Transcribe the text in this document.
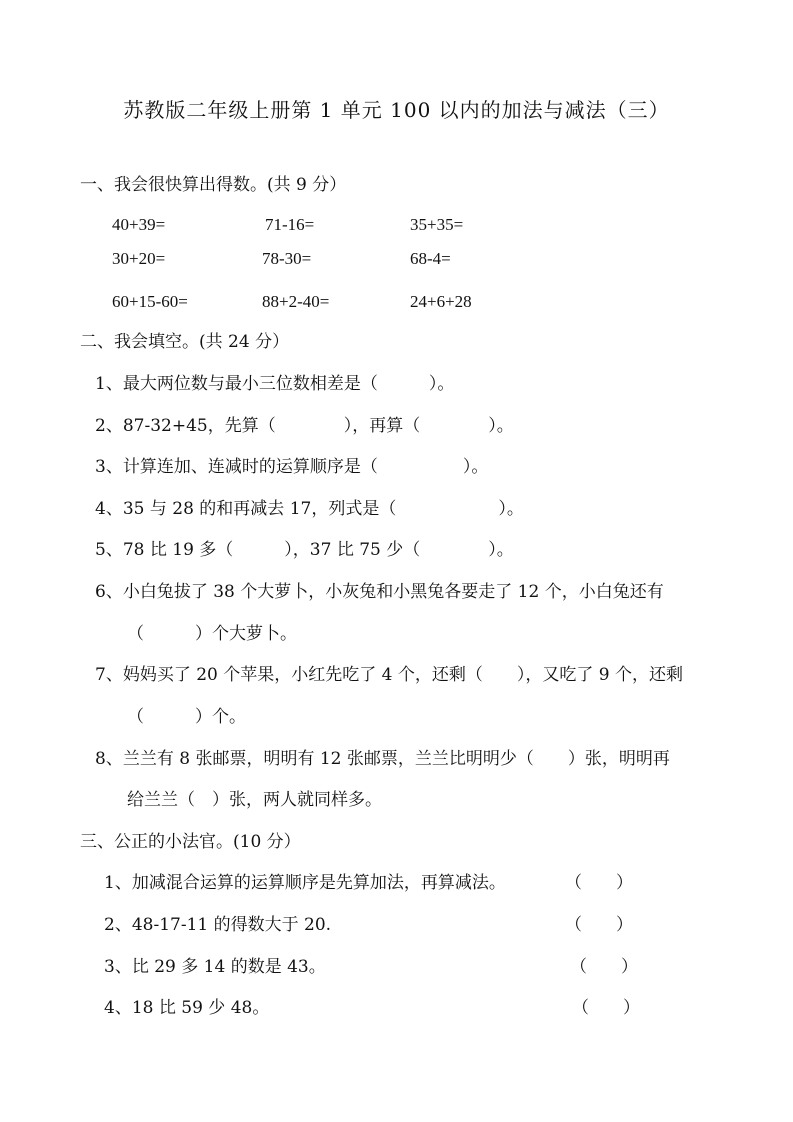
苏教版二年级上册第 1 单元 100 以内的加法与减法（三）
一、我会很快算出得数。(共 9 分）
40+39=	71-16=	35+35=
30+20=	78-30=	68-4=
60+15-60=	88+2-40=	24+6+28
二、我会填空。(共 24 分）
1、最大两位数与最小三位数相差是（　　　）。
2、87-32+45，先算（　　　　），再算（　　　　）。
3、计算连加、连减时的运算顺序是（　　　　　）。
4、35 与 28 的和再减去 17，列式是（　　　　　　）。
5、78 比 19 多（　　　），37 比 75 少（　　　　）。
6、小白兔拔了 38 个大萝卜，小灰兔和小黑兔各要走了 12 个，小白兔还有
（　　　）个大萝卜。
7、妈妈买了 20 个苹果，小红先吃了 4 个，还剩（　　），又吃了 9 个，还剩
（　　　）个。
8、兰兰有 8 张邮票，明明有 12 张邮票，兰兰比明明少（　　）张，明明再
给兰兰（　）张，两人就同样多。
三、公正的小法官。(10 分）
1、加减混合运算的运算顺序是先算加法，再算减法。	（　　）
2、48-17-11 的得数大于 20.	（　　）
3、比 29 多 14 的数是 43。	（　　）
4、18 比 59 少 48。	（　　）
